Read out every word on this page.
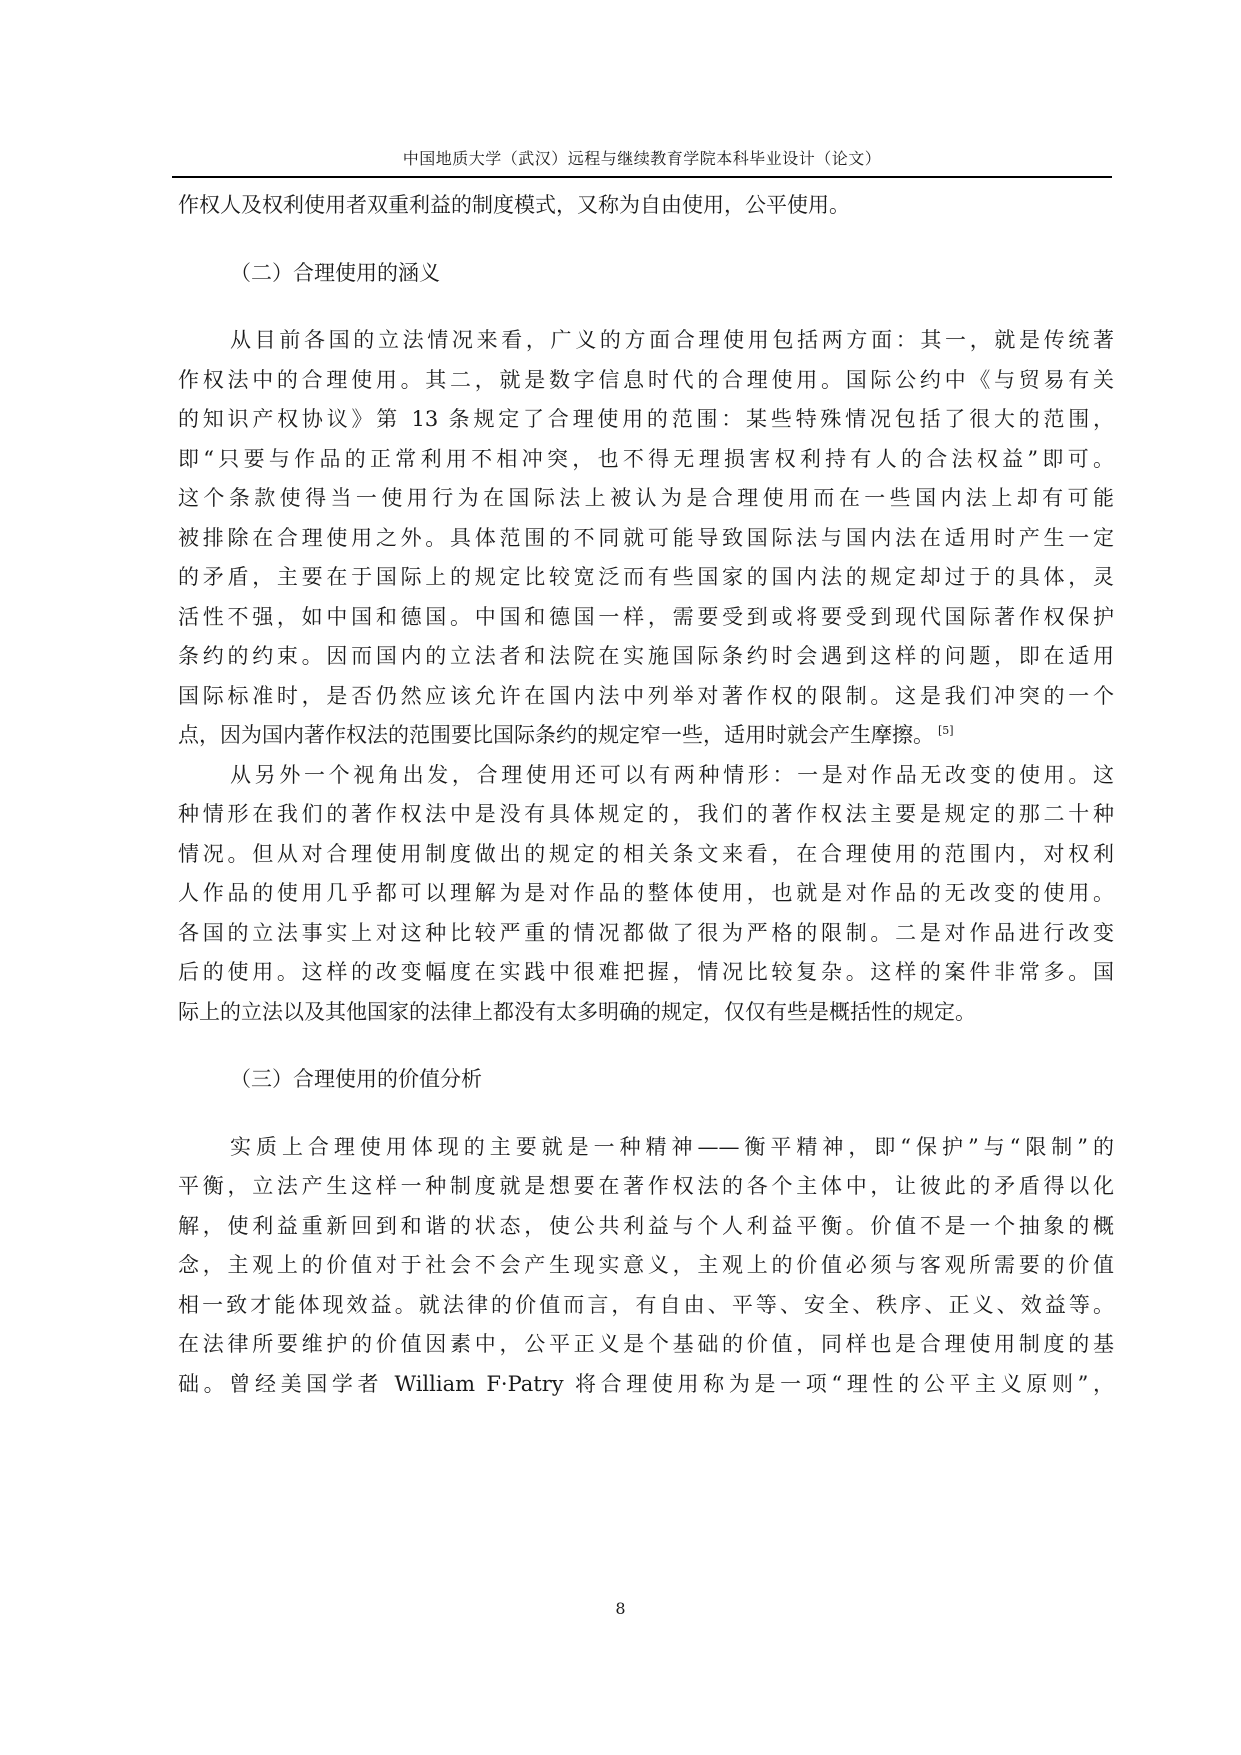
中国地质大学（武汉）远程与继续教育学院本科毕业设计（论文）
作权人及权利使用者双重利益的制度模式，又称为自由使用，公平使用。
（二）合理使用的涵义
从目前各国的立法情况来看，广义的方面合理使用包括两方面：其一，就是传统著
作权法中的合理使用。其二，就是数字信息时代的合理使用。国际公约中《与贸易有关
的知识产权协议》第 13 条规定了合理使用的范围：某些特殊情况包括了很大的范围，
即“只要与作品的正常利用不相冲突，也不得无理损害权利持有人的合法权益”即可。
这个条款使得当一使用行为在国际法上被认为是合理使用而在一些国内法上却有可能
被排除在合理使用之外。具体范围的不同就可能导致国际法与国内法在适用时产生一定
的矛盾，主要在于国际上的规定比较宽泛而有些国家的国内法的规定却过于的具体，灵
活性不强，如中国和德国。中国和德国一样，需要受到或将要受到现代国际著作权保护
条约的约束。因而国内的立法者和法院在实施国际条约时会遇到这样的问题，即在适用
国际标准时，是否仍然应该允许在国内法中列举对著作权的限制。这是我们冲突的一个
点，因为国内著作权法的范围要比国际条约的规定窄一些，适用时就会产生摩擦。 [5]
从另外一个视角出发，合理使用还可以有两种情形：一是对作品无改变的使用。这
种情形在我们的著作权法中是没有具体规定的，我们的著作权法主要是规定的那二十种
情况。但从对合理使用制度做出的规定的相关条文来看，在合理使用的范围内，对权利
人作品的使用几乎都可以理解为是对作品的整体使用，也就是对作品的无改变的使用。
各国的立法事实上对这种比较严重的情况都做了很为严格的限制。二是对作品进行改变
后的使用。这样的改变幅度在实践中很难把握，情况比较复杂。这样的案件非常多。国
际上的立法以及其他国家的法律上都没有太多明确的规定，仅仅有些是概括性的规定。
（三）合理使用的价值分析
实质上合理使用体现的主要就是一种精神——衡平精神，即“保护”与“限制”的
平衡，立法产生这样一种制度就是想要在著作权法的各个主体中，让彼此的矛盾得以化
解，使利益重新回到和谐的状态，使公共利益与个人利益平衡。价值不是一个抽象的概
念，主观上的价值对于社会不会产生现实意义，主观上的价值必须与客观所需要的价值
相一致才能体现效益。就法律的价值而言，有自由、平等、安全、秩序、正义、效益等。
在法律所要维护的价值因素中，公平正义是个基础的价值，同样也是合理使用制度的基
础。曾经美国学者 William F·Patry 将合理使用称为是一项“理性的公平主义原则”，
8
